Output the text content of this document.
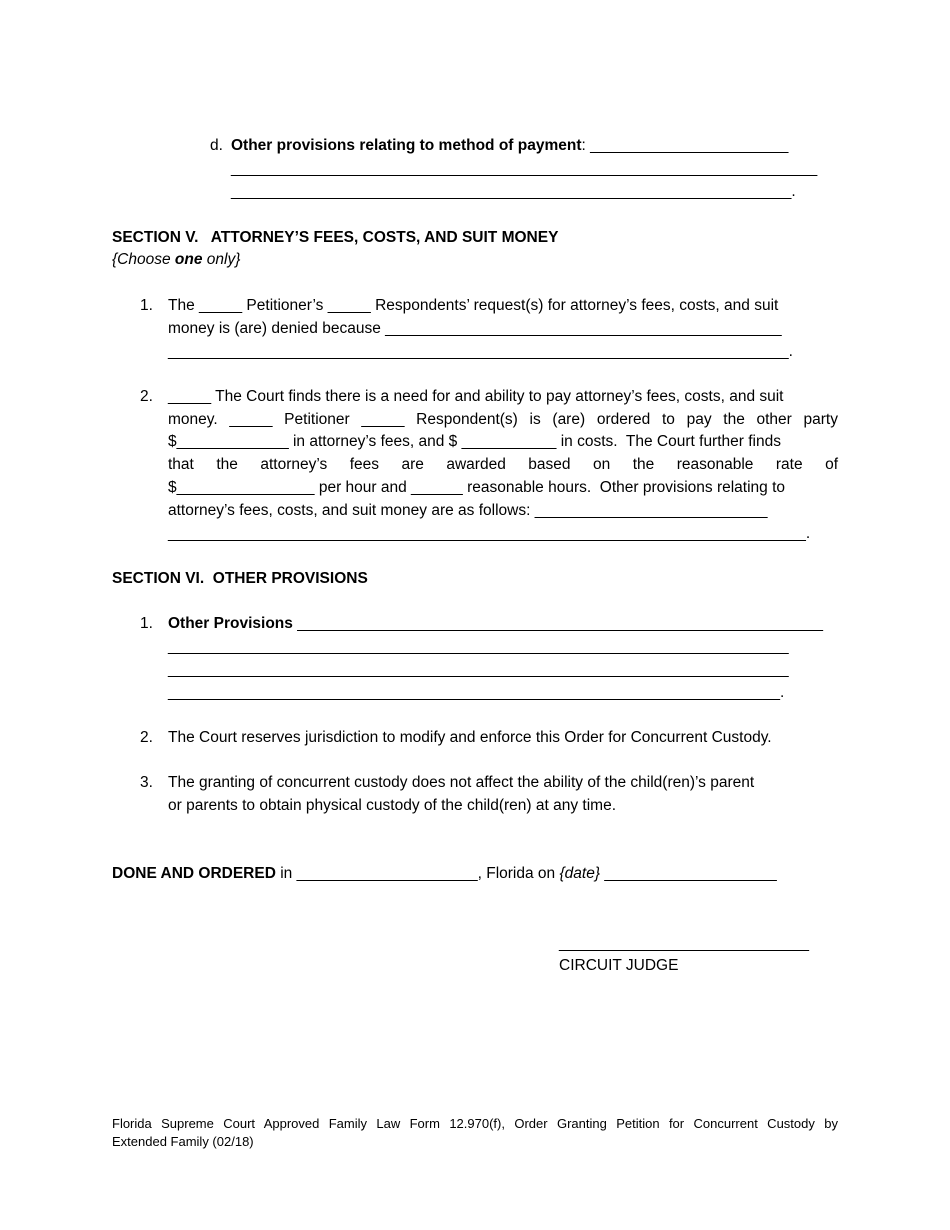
d. Other provisions relating to method of payment: _______________________
____________________________________________________________________
_________________________________________________________________.
SECTION V.   ATTORNEY’S FEES, COSTS, AND SUIT MONEY
{Choose one only}
1. The _____ Petitioner’s _____ Respondents’ request(s) for attorney’s fees, costs, and suit
money is (are) denied because ______________________________________________
________________________________________________________________________.
2. _____ The Court finds there is a need for and ability to pay attorney’s fees, costs, and suit
money. _____ Petitioner _____ Respondent(s) is (are) ordered to pay the other party
$_____________ in attorney’s fees, and $ ___________ in costs.  The Court further finds
that the attorney’s fees are awarded based on the reasonable rate of
$________________ per hour and ______ reasonable hours.  Other provisions relating to
attorney’s fees, costs, and suit money are as follows: ___________________________
__________________________________________________________________________.
SECTION VI.  OTHER PROVISIONS
1. Other Provisions _____________________________________________________________
________________________________________________________________________
________________________________________________________________________
_______________________________________________________________________.
2. The Court reserves jurisdiction to modify and enforce this Order for Concurrent Custody.
3. The granting of concurrent custody does not affect the ability of the child(ren)’s parent
or parents to obtain physical custody of the child(ren) at any time.
DONE AND ORDERED in _____________________, Florida on {date} ____________________
_____________________________
CIRCUIT JUDGE
Florida Supreme Court Approved Family Law Form 12.970(f), Order Granting Petition for Concurrent Custody by
Extended Family (02/18)
